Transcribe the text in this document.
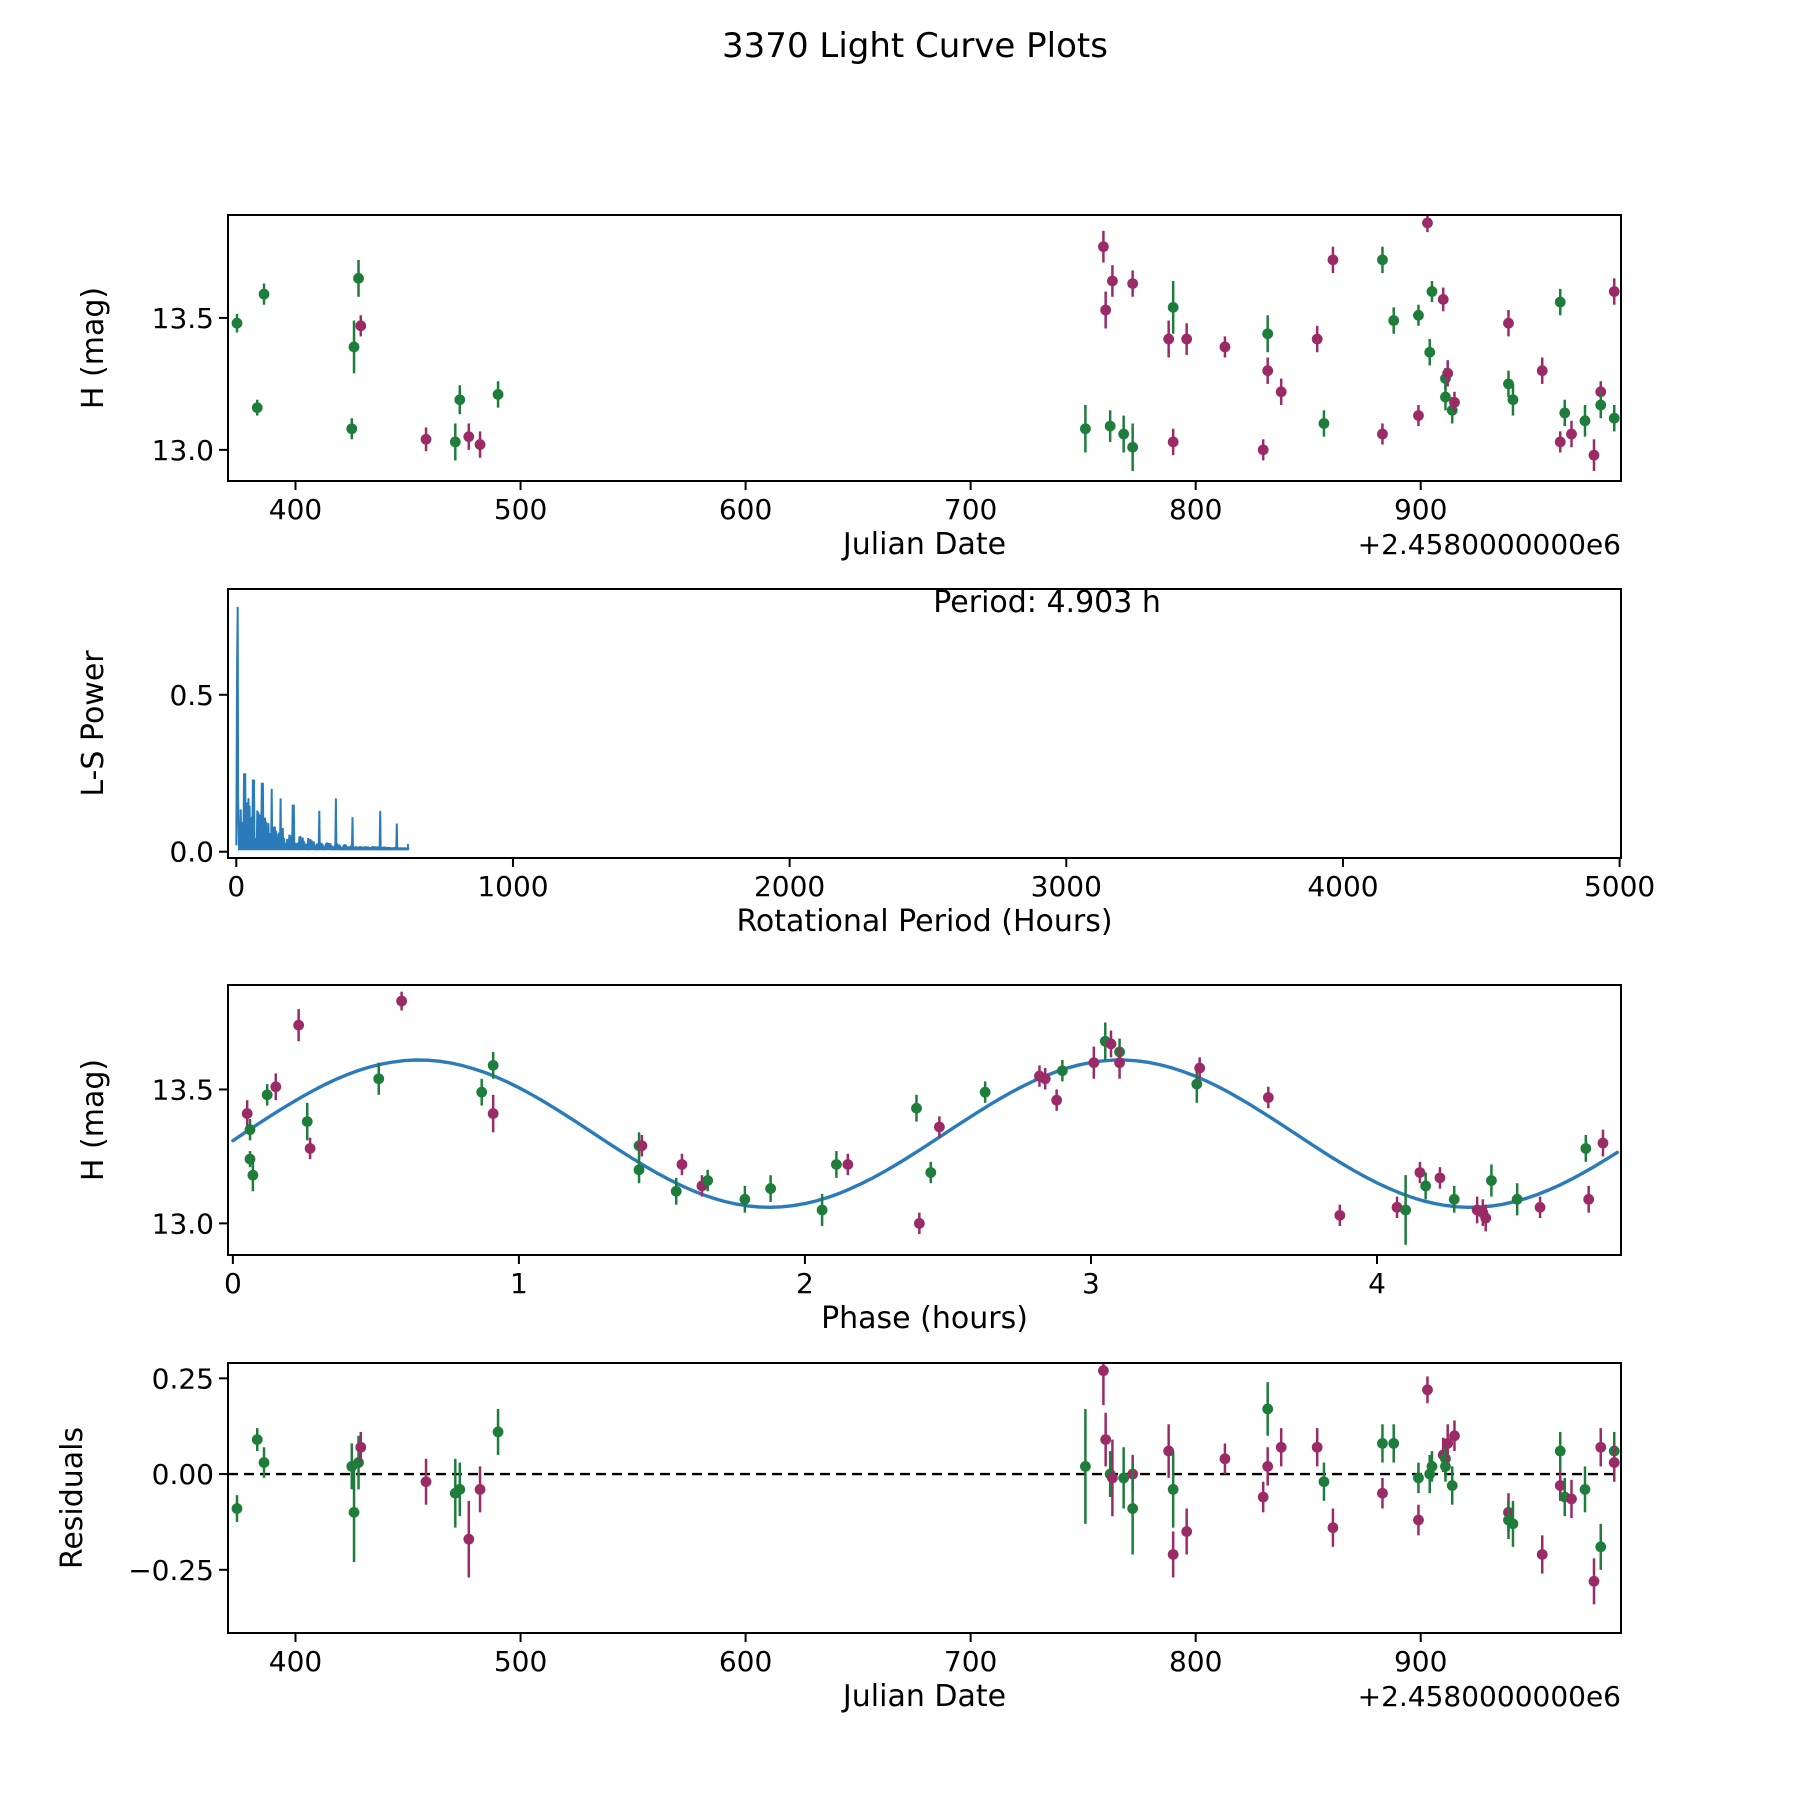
3370 Light Curve Plots
400	500	600	700	800	900
13.0
13.5
Julian Date	+2.4580000000e6
H (mag)
0	1000	2000	3000	4000	5000
0.0
0.5
Rotational Period (Hours)
L-S Power
Period: 4.903 h
0	1	2	3	4
13.0
13.5
Phase (hours)
H (mag)
400	500	600	700	800	900
−0.25
0.00
0.25
Julian Date	+2.4580000000e6
Residuals
